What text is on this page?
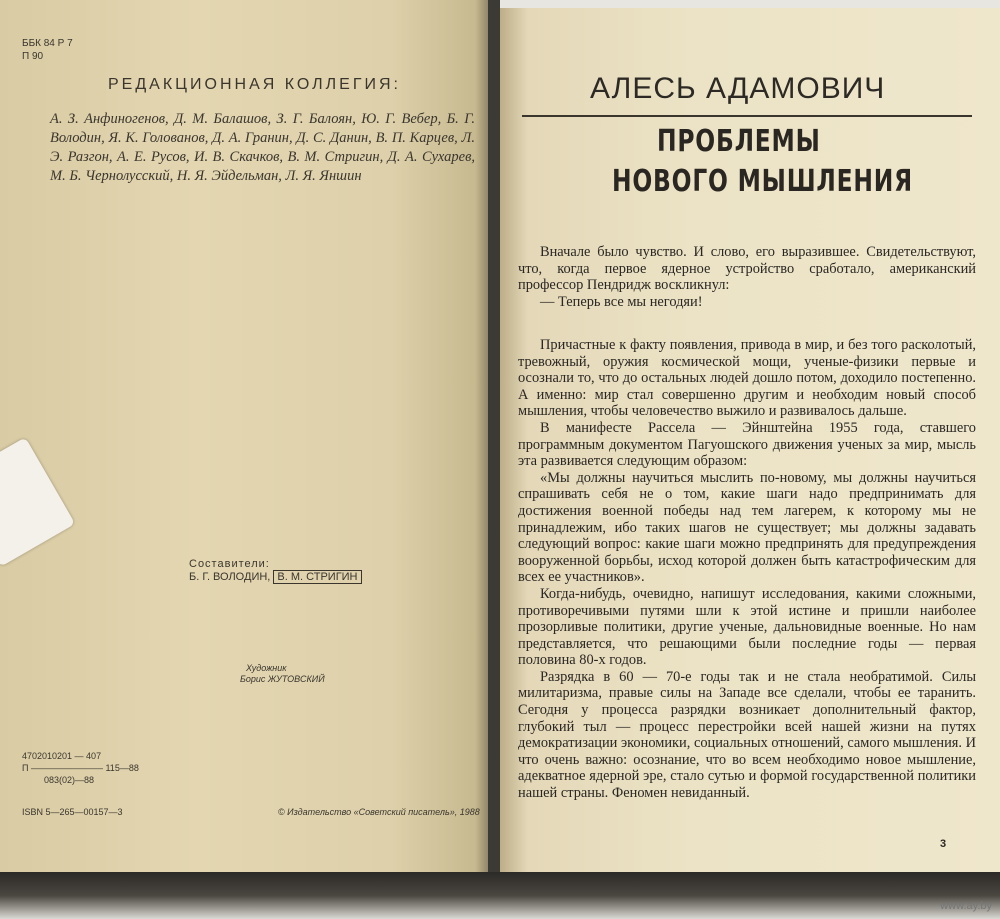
ББК 84 Р 7
П 90
РЕДАКЦИОННАЯ КОЛЛЕГИЯ:
А. З. Анфиногенов, Д. М. Балашов, З. Г. Балоян, Ю. Г. Вебер, Б. Г. Володин, Я. К. Голованов, Д. А. Гранин, Д. С. Данин, В. П. Карцев, Л. Э. Разгон, А. Е. Русов, И. В. Скачков, В. М. Стригин, Д. А. Сухарев, М. Б. Чернолусский, Н. Я. Эйдельман, Л. Я. Яншин
Составители:
Б. Г. ВОЛОДИН, В. М. СТРИГИН
Художник
Борис ЖУТОВСКИЙ
4702010201 — 407
П ———————— 115—88
083(02)—88
ISBN 5—265—00157—3	© Издательство «Советский писатель», 1988
АЛЕСЬ АДАМОВИЧ
ПРОБЛЕМЫ
НОВОГО МЫШЛЕНИЯ

Вначале было чувство. И слово, его выразившее. Свидетельствуют, что, когда первое ядерное устройство сработало, американский профессор Пендридж воскликнул:

— Теперь все мы негодяи!

Причастные к факту появления, привода в мир, и без того расколотый, тревожный, оружия космической мощи, ученые-физики первые и осознали то, что до остальных людей дошло потом, доходило постепенно. А именно: мир стал совершенно другим и необходим новый способ мышления, чтобы человечество выжило и развивалось дальше.

В манифесте Рассела — Эйнштейна 1955 года, ставшего программным документом Пагуошского движения ученых за мир, мысль эта развивается следующим образом:

«Мы должны научиться мыслить по-новому, мы должны научиться спрашивать себя не о том, какие шаги надо предпринимать для достижения военной победы над тем лагерем, к которому мы не принадлежим, ибо таких шагов не существует; мы должны задавать следующий вопрос: какие шаги можно предпринять для предупреждения вооруженной борьбы, исход которой должен быть катастрофическим для всех ее участников».

Когда-нибудь, очевидно, напишут исследования, какими сложными, противоречивыми путями шли к этой истине и пришли наиболее прозорливые политики, другие ученые, дальновидные военные. Но нам представляется, что решающими были последние годы — первая половина 80-х годов.

Разрядка в 60 — 70-е годы так и не стала необратимой. Силы милитаризма, правые силы на Западе все сделали, чтобы ее таранить. Сегодня у процесса разрядки возникает дополнительный фактор, глубокий тыл — процесс перестройки всей нашей жизни на путях демократизации экономики, социальных отношений, самого мышления. И что очень важно: осознание, что во всем необходимо новое мышление, адекватное ядерной эре, стало сутью и формой государственной политики нашей страны. Феномен невиданный.

3
www.ay.by
